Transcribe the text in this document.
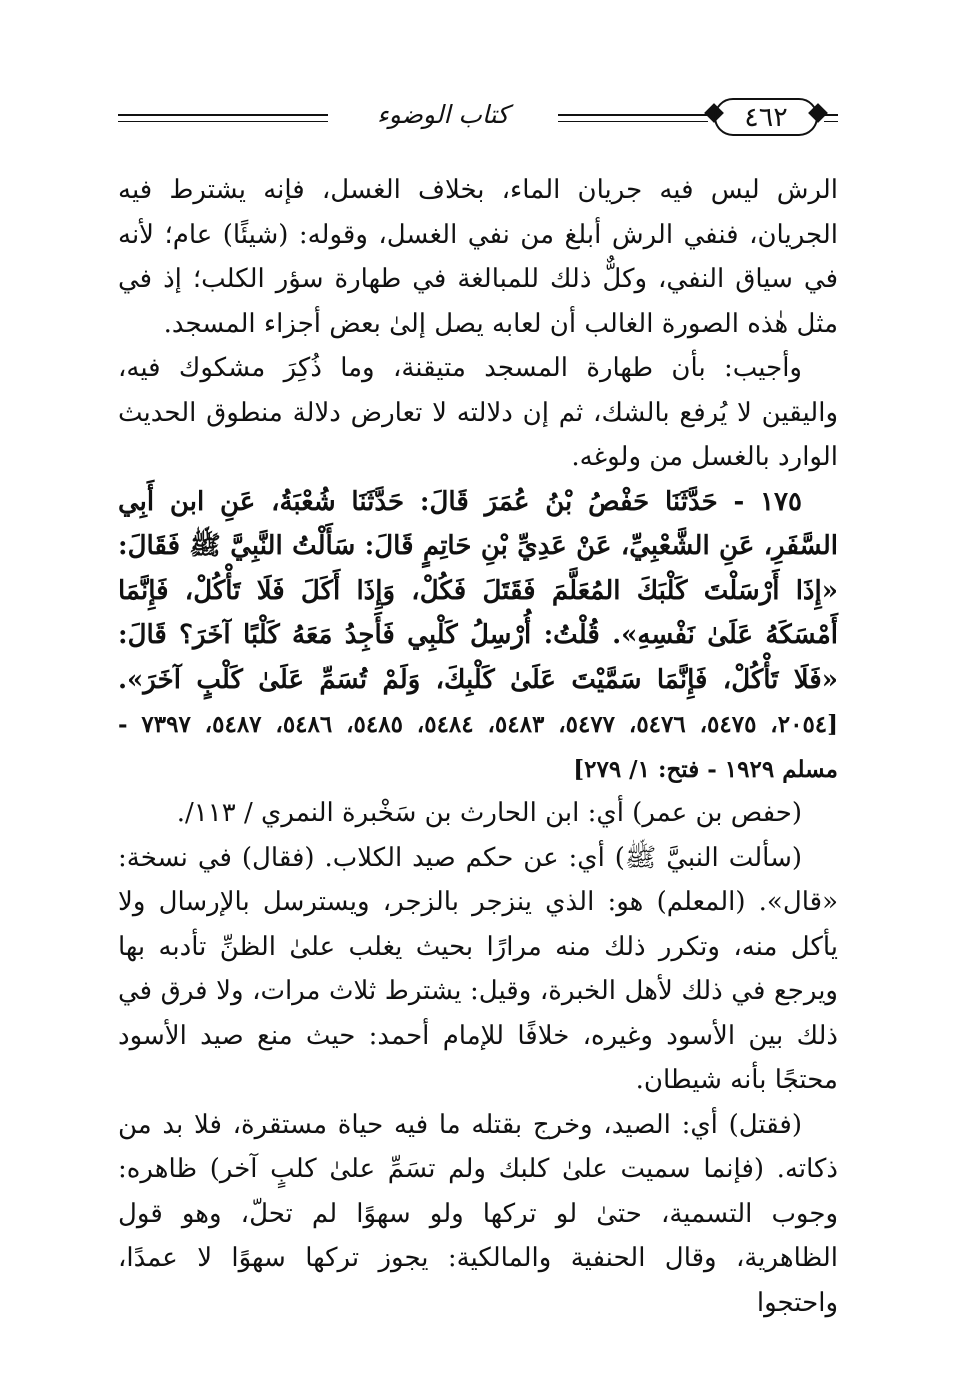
كتاب الوضوء	٤٦٢

الرش ليس فيه جريان الماء، بخلاف الغسل، فإنه يشترط فيه الجريان، فنفي الرش أبلغ من نفي الغسل، وقوله: (شيئًا) عام؛ لأنه في سياق النفي، وكلٌّ ذلك للمبالغة في طهارة سؤر الكلب؛ إذ في مثل هٰذه الصورة الغالب أن لعابه يصل إلىٰ بعض أجزاء المسجد.

وأجيب: بأن طهارة المسجد متيقنة، وما ذُكِرَ مشكوك فيه، واليقين لا يُرفع بالشك، ثم إن دلالته لا تعارض دلالة منطوق الحديث الوارد بالغسل من ولوغه.

١٧٥ - حَدَّثَنَا حَفْصُ بْنُ عُمَرَ قَالَ: حَدَّثَنَا شُعْبَةُ، عَنِ ابن أَبِي السَّفَرِ، عَنِ الشَّعْبِيِّ، عَنْ عَدِيِّ بْنِ حَاتِمٍ قَالَ: سَأَلْتُ النَّبِيَّ ﷺ فَقَالَ: «إِذَا أَرْسَلْتَ كَلْبَكَ المُعَلَّمَ فَقَتَلَ فَكُلْ، وَإِذَا أَكَلَ فَلَا تَأْكُلْ، فَإِنَّمَا أَمْسَكَهُ عَلَىٰ نَفْسِهِ». قُلْتُ: أُرْسِلُ كَلْبِي فَأَجِدُ مَعَهُ كَلْبًا آخَرَ؟ قَالَ: «فَلَا تَأْكُلْ، فَإِنَّمَا سَمَّيْتَ عَلَىٰ كَلْبِكَ، وَلَمْ تُسَمِّ عَلَىٰ كَلْبٍ آخَرَ». [٢٠٥٤، ٥٤٧٥، ٥٤٧٦، ٥٤٧٧، ٥٤٨٣، ٥٤٨٤، ٥٤٨٥، ٥٤٨٦، ٥٤٨٧، ٧٣٩٧ - مسلم ١٩٢٩ - فتح: ١/ ٢٧٩]

(حفص بن عمر) أي: ابن الحارث بن سَخْبرة النمري / ١١٣/.

(سألت النبيَّ ﷺ) أي: عن حكم صيد الكلاب. (فقال) في نسخة: «قال». (المعلم) هو: الذي ينزجر بالزجر، ويسترسل بالإرسال ولا يأكل منه، وتكرر ذلك منه مرارًا بحيث يغلب علىٰ الظنِّ تأدبه بها ويرجع في ذلك لأهل الخبرة، وقيل: يشترط ثلاث مرات، ولا فرق في ذلك بين الأسود وغيره، خلافًا للإمام أحمد: حيث منع صيد الأسود محتجًا بأنه شيطان.

(فقتل) أي: الصيد، وخرج بقتله ما فيه حياة مستقرة، فلا بد من ذكاته. (فإنما سميت علىٰ كلبك ولم تسَمِّ علىٰ كلبٍ آخر) ظاهره: وجوب التسمية، حتىٰ لو تركها ولو سهوًا لم تحلّ، وهو قول الظاهرية، وقال الحنفية والمالكية: يجوز تركها سهوًا لا عمدًا، واحتجوا
